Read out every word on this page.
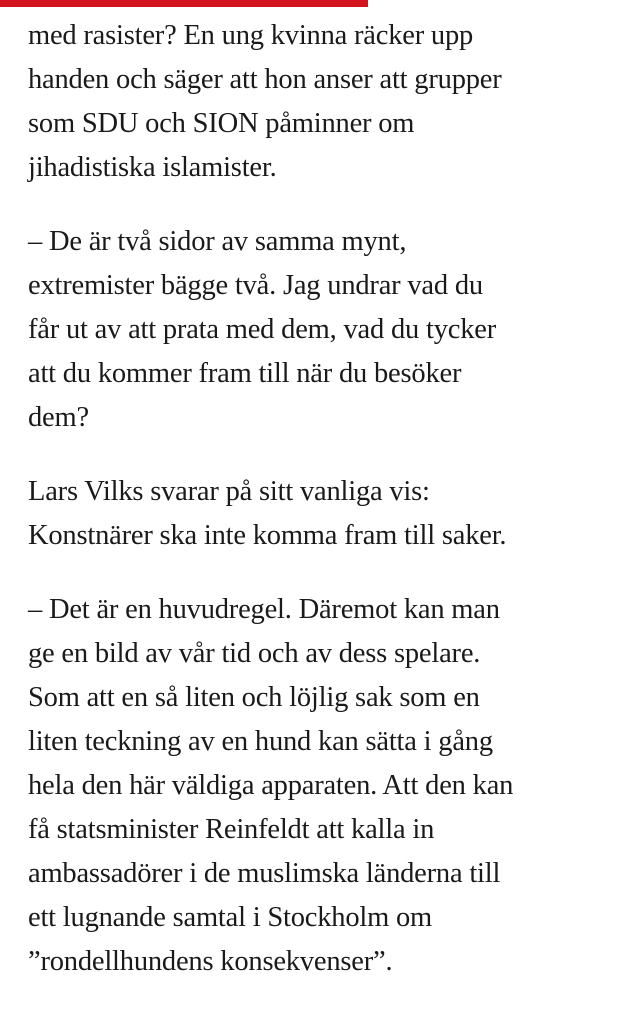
med rasister? En ung kvinna räcker upp
handen och säger att hon anser att grupper
som SDU och SION påminner om
jihadistiska islamister.

– De är två sidor av samma mynt,
extremister bägge två. Jag undrar vad du
får ut av att prata med dem, vad du tycker
att du kommer fram till när du besöker
dem?

Lars Vilks svarar på sitt vanliga vis:
Konstnärer ska inte komma fram till saker.

– Det är en huvudregel. Däremot kan man
ge en bild av vår tid och av dess spelare.
Som att en så liten och löjlig sak som en
liten teckning av en hund kan sätta i gång
hela den här väldiga apparaten. Att den kan
få statsminister Reinfeldt att kalla in
ambassadörer i de muslimska länderna till
ett lugnande samtal i Stockholm om
”rondellhundens konsekvenser”.
